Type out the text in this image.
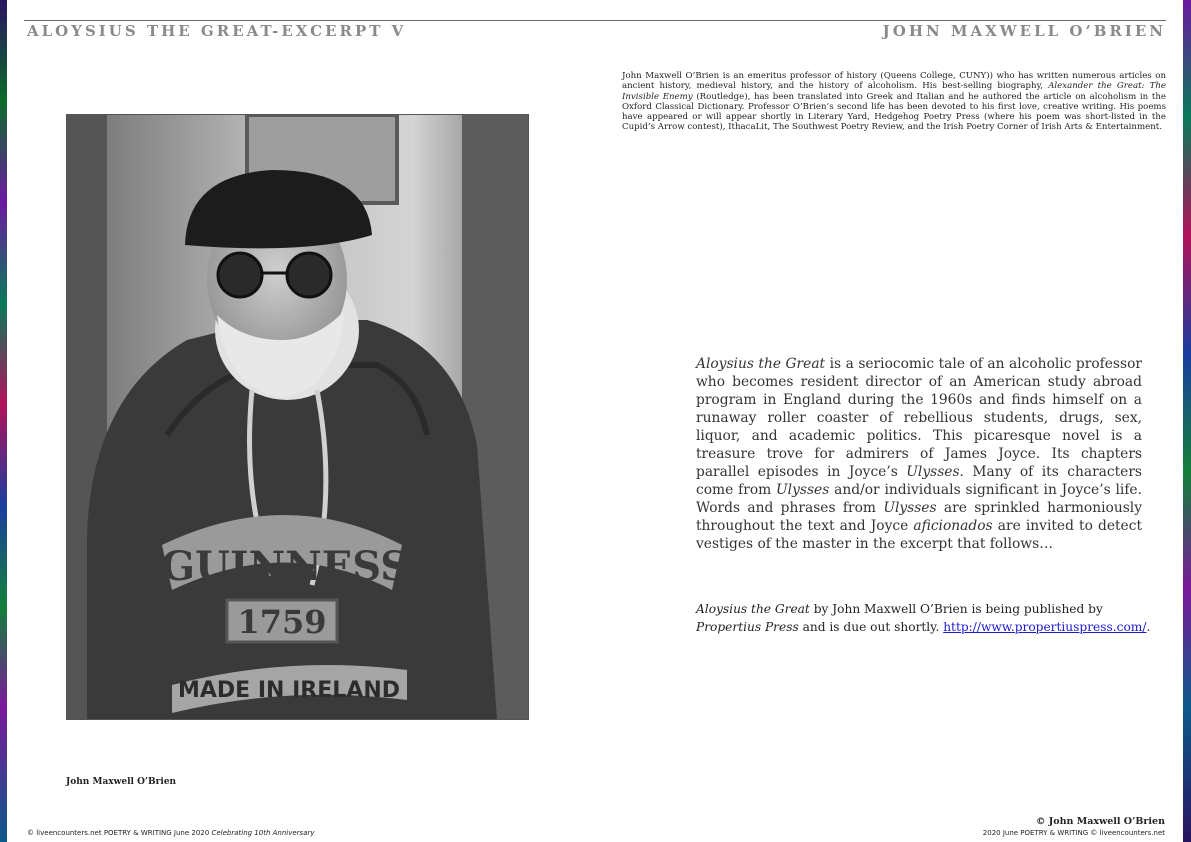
ALOYSIUS THE GREAT-EXCERPT V	JOHN MAXWELL O’BRIEN
John Maxwell O’Brien is an emeritus professor of history (Queens College, CUNY)) who has written numerous articles on ancient history, medieval history, and the history of alcoholism. His best-selling biography, Alexander the Great: The Invisible Enemy (Routledge), has been translated into Greek and Italian and he authored the article on alcoholism in the Oxford Classical Dictionary. Professor O’Brien’s second life has been devoted to his first love, creative writing. His poems have appeared or will appear shortly in Literary Yard, Hedgehog Poetry Press (where his poem was short-listed in the Cupid’s Arrow contest), IthacaLit, The Southwest Poetry Review, and the Irish Poetry Corner of Irish Arts & Entertainment.
GUINNESS
1759
MADE IN IRELAND
John Maxwell O’Brien
Aloysius the Great is a seriocomic tale of an alcoholic professor who becomes resident director of an American study abroad program in England during the 1960s and finds himself on a runaway roller coaster of rebellious students, drugs, sex, liquor, and academic politics. This picaresque novel is a treasure trove for admirers of James Joyce. Its chapters parallel episodes in Joyce’s Ulysses. Many of its characters come from Ulysses and/or individuals significant in Joyce’s life. Words and phrases from Ulysses are sprinkled harmoniously throughout the text and Joyce aficionados are invited to detect vestiges of the master in the excerpt that follows…
Aloysius the Great by John Maxwell O’Brien is being published by Propertius Press and is due out shortly. http://www.propertiuspress.com/.
© liveencounters.net POETRY & WRITING June 2020 Celebrating 10th Anniversary
© John Maxwell O’Brien
2020 June POETRY & WRITING © liveencounters.net
